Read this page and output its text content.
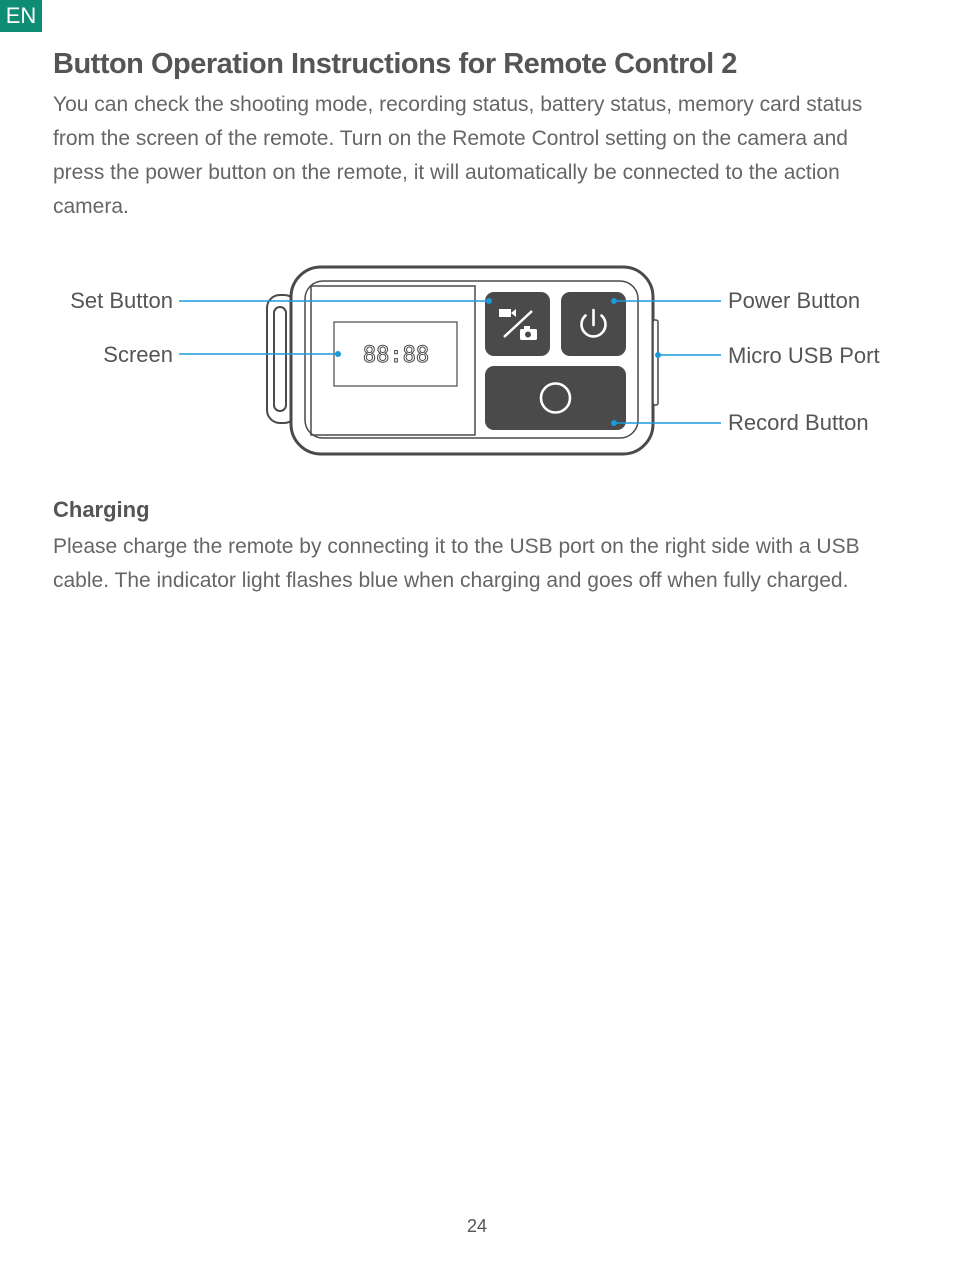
EN
Button Operation Instructions for Remote Control 2

You can check the shooting mode, recording status, battery status, memory card status from the screen of the remote. Turn on the Remote Control setting on the camera and press the power button on the remote, it will automatically be connected to the action camera.

88:88
Set Button
Screen
Power Button
Micro USB Port
Record Button
Charging

Please charge the remote by connecting it to the USB port on the right side with a USB cable. The indicator light flashes blue when charging and goes off when fully charged.

24
